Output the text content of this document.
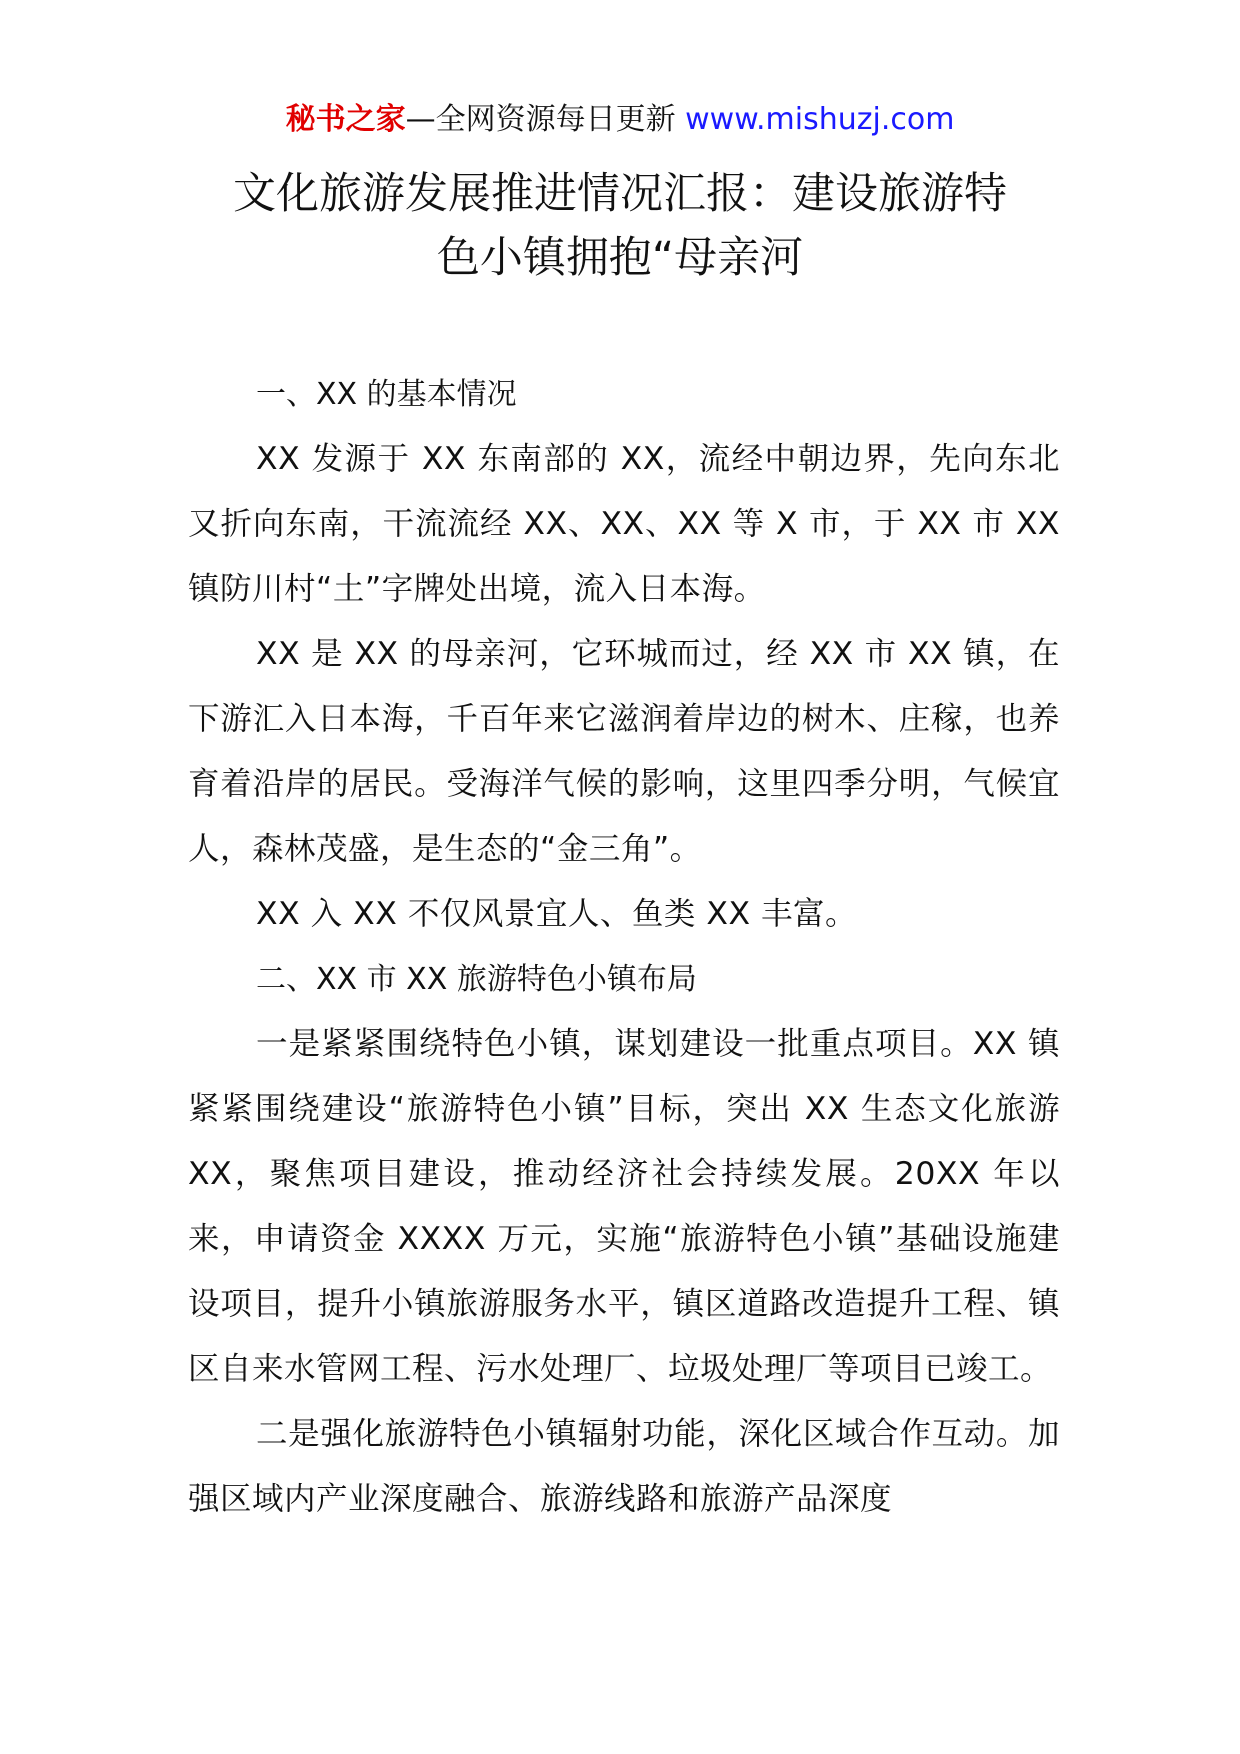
秘书之家—全网资源每日更新 www.mishuzj.com
文化旅游发展推进情况汇报：建设旅游特
色小镇拥抱“母亲河

一、XX 的基本情况

XX 发源于 XX 东南部的 XX，流经中朝边界，先向东北又折向东南，干流流经 XX、XX、XX 等 X 市，于 XX 市 XX 镇防川村“土”字牌处出境，流入日本海。

XX 是 XX 的母亲河，它环城而过，经 XX 市 XX 镇，在下游汇入日本海，千百年来它滋润着岸边的树木、庄稼，也养育着沿岸的居民。受海洋气候的影响，这里四季分明，气候宜人，森林茂盛，是生态的“金三角”。

XX 入 XX 不仅风景宜人、鱼类 XX 丰富。

二、XX 市 XX 旅游特色小镇布局

一是紧紧围绕特色小镇，谋划建设一批重点项目。XX 镇紧紧围绕建设“旅游特色小镇”目标，突出 XX 生态文化旅游 XX，聚焦项目建设，推动经济社会持续发展。20XX 年以来，申请资金 XXXX 万元，实施“旅游特色小镇”基础设施建设项目，提升小镇旅游服务水平，镇区道路改造提升工程、镇区自来水管网工程、污水处理厂、垃圾处理厂等项目已竣工。

二是强化旅游特色小镇辐射功能，深化区域合作互动。加强区域内产业深度融合、旅游线路和旅游产品深度
